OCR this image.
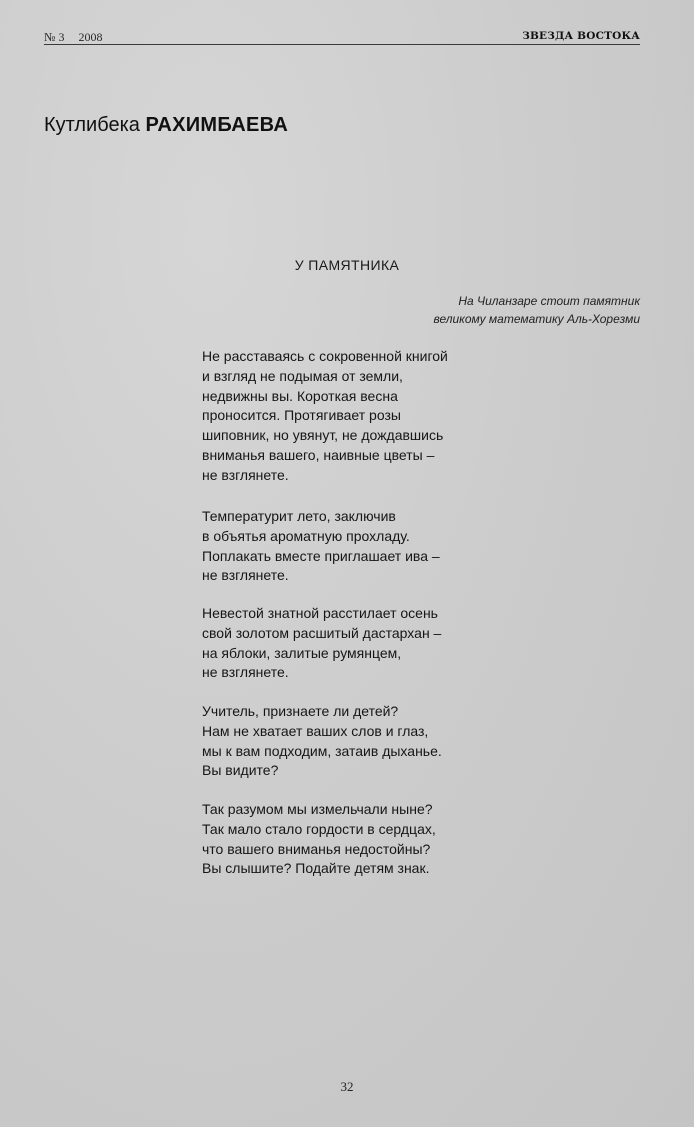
№ 3 2008	ЗВЕЗДА ВОСТОКА
Кутлибека РАХИМБАЕВА
У ПАМЯТНИКА
На Чиланзаре стоит памятник
великому математику Аль-Хорезми
Не расставаясь с сокровенной книгой
и взгляд не подымая от земли,
недвижны вы. Короткая весна
проносится. Протягивает розы
шиповник, но увянут, не дождавшись
вниманья вашего, наивные цветы –
не взглянете.
Температурит лето, заключив
в объятья ароматную прохладу.
Поплакать вместе приглашает ива –
не взглянете.
Невестой знатной расстилает осень
свой золотом расшитый дастархан –
на яблоки, залитые румянцем,
не взглянете.
Учитель, признаете ли детей?
Нам не хватает ваших слов и глаз,
мы к вам подходим, затаив дыханье.
Вы видите?
Так разумом мы измельчали ныне?
Так мало стало гордости в сердцах,
что вашего вниманья недостойны?
Вы слышите? Подайте детям знак.
32
